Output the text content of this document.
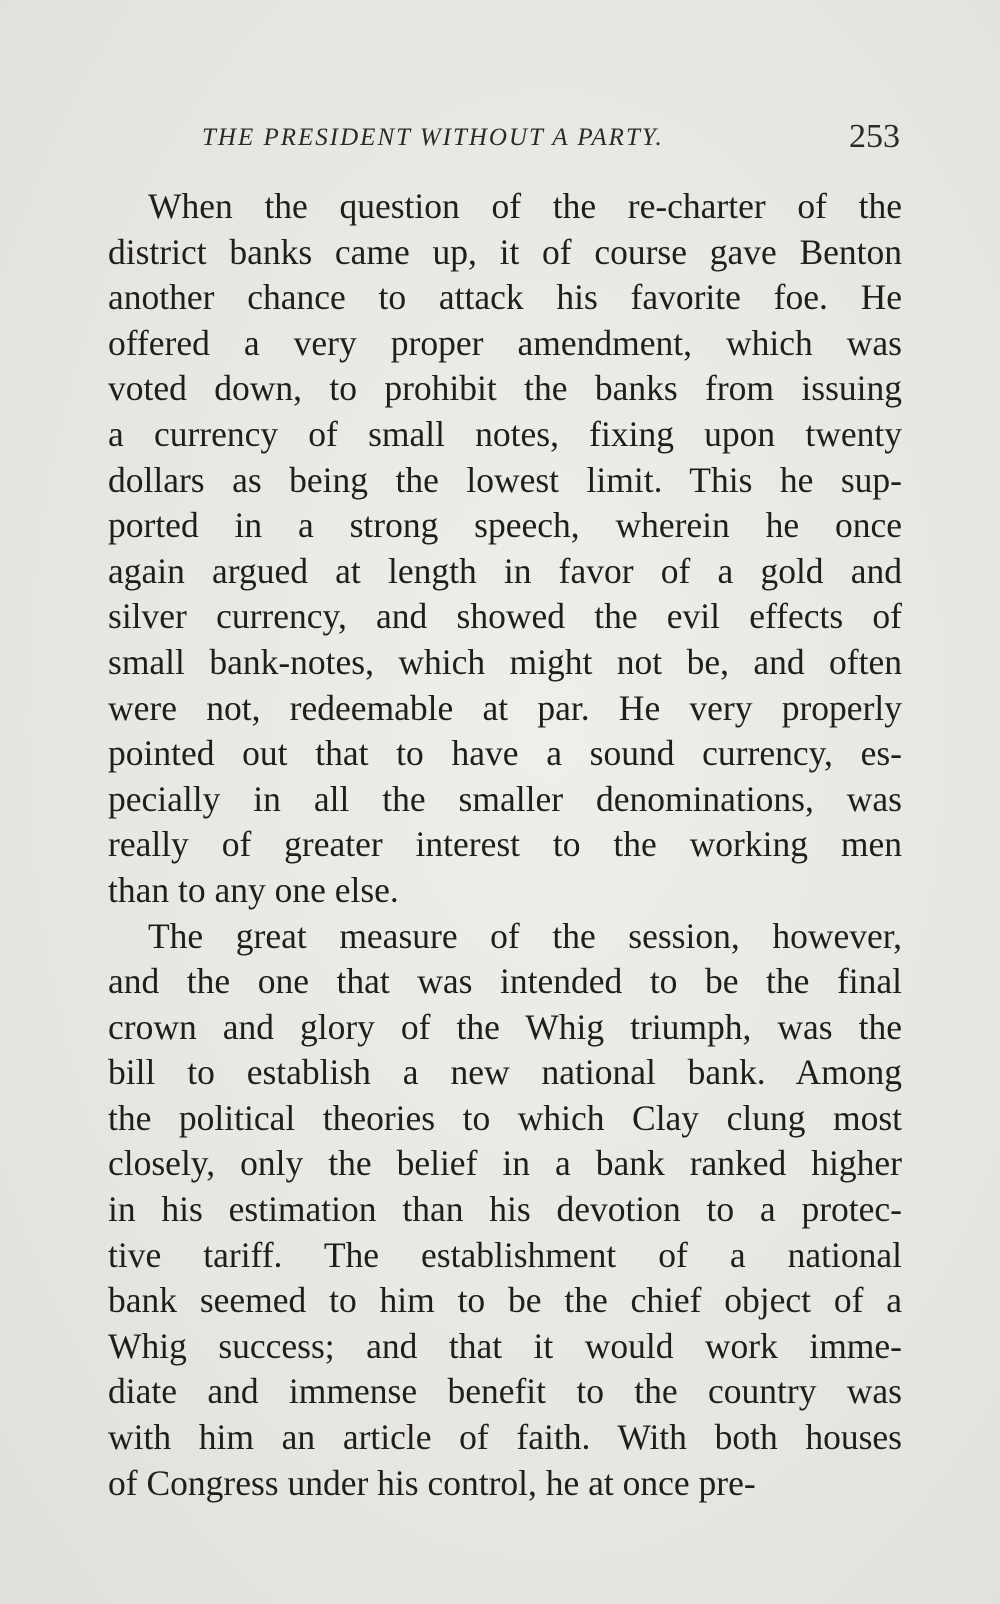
THE PRESIDENT WITHOUT A PARTY.	253
When the question of the re-charter of the
district banks came up, it of course gave Benton
another chance to attack his favorite foe. He
offered a very proper amendment, which was
voted down, to prohibit the banks from issuing
a currency of small notes, fixing upon twenty
dollars as being the lowest limit. This he sup-
ported in a strong speech, wherein he once
again argued at length in favor of a gold and
silver currency, and showed the evil effects of
small bank-notes, which might not be, and often
were not, redeemable at par. He very properly
pointed out that to have a sound currency, es-
pecially in all the smaller denominations, was
really of greater interest to the working men
than to any one else.
The great measure of the session, however,
and the one that was intended to be the final
crown and glory of the Whig triumph, was the
bill to establish a new national bank. Among
the political theories to which Clay clung most
closely, only the belief in a bank ranked higher
in his estimation than his devotion to a protec-
tive tariff. The establishment of a national
bank seemed to him to be the chief object of a
Whig success; and that it would work imme-
diate and immense benefit to the country was
with him an article of faith. With both houses
of Congress under his control, he at once pre-
